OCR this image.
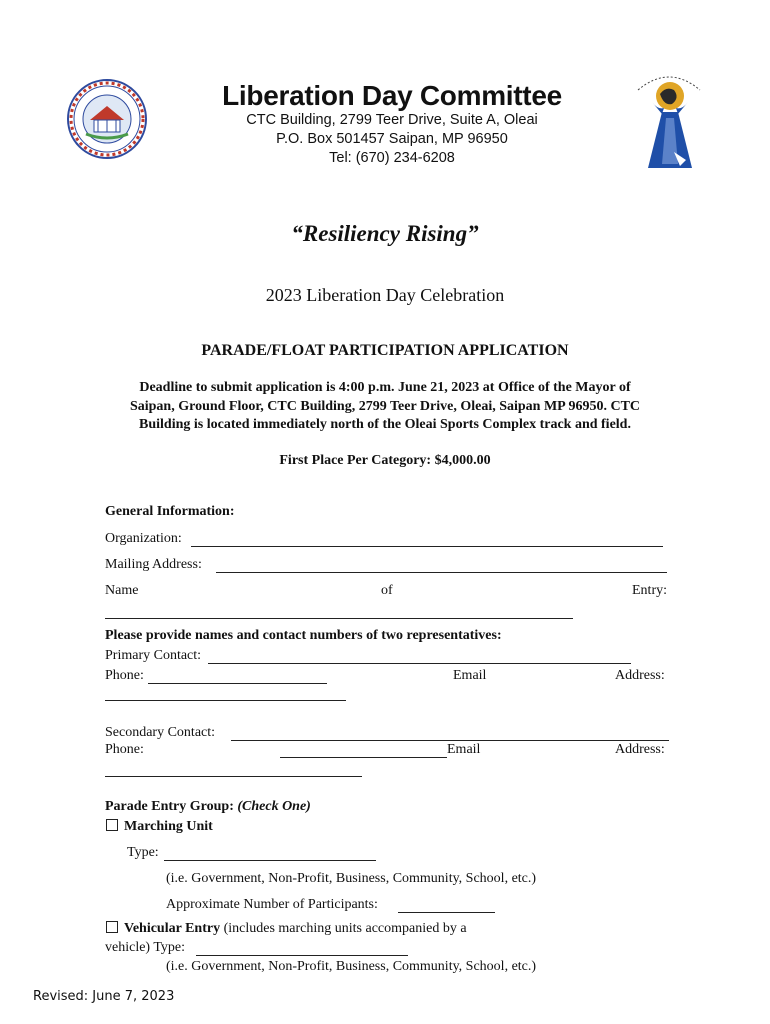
Liberation Day Committee
CTC Building, 2799 Teer Drive, Suite A, Oleai
P.O. Box 501457 Saipan, MP 96950
Tel: (670) 234-6208
“Resiliency Rising”
2023 Liberation Day Celebration
PARADE/FLOAT PARTICIPATION APPLICATION
Deadline to submit application is 4:00 p.m. June 21, 2023 at Office of the Mayor of
Saipan, Ground Floor, CTC Building, 2799 Teer Drive, Oleai, Saipan MP 96950. CTC
Building is located immediately north of the Oleai Sports Complex track and field.
First Place Per Category: $4,000.00
General Information:
Organization:
Mailing Address:
Name	of	Entry:
Please provide names and contact numbers of two representatives:
Primary Contact:
Phone:	Email	Address:
Secondary Contact:
Phone:	Email	Address:
Parade Entry Group: (Check One)
Marching Unit
Type:
(i.e. Government, Non-Profit, Business, Community, School, etc.)
Approximate Number of Participants:
Vehicular Entry (includes marching units accompanied by a
vehicle) Type:
(i.e. Government, Non-Profit, Business, Community, School, etc.)
Revised: June 7, 2023
